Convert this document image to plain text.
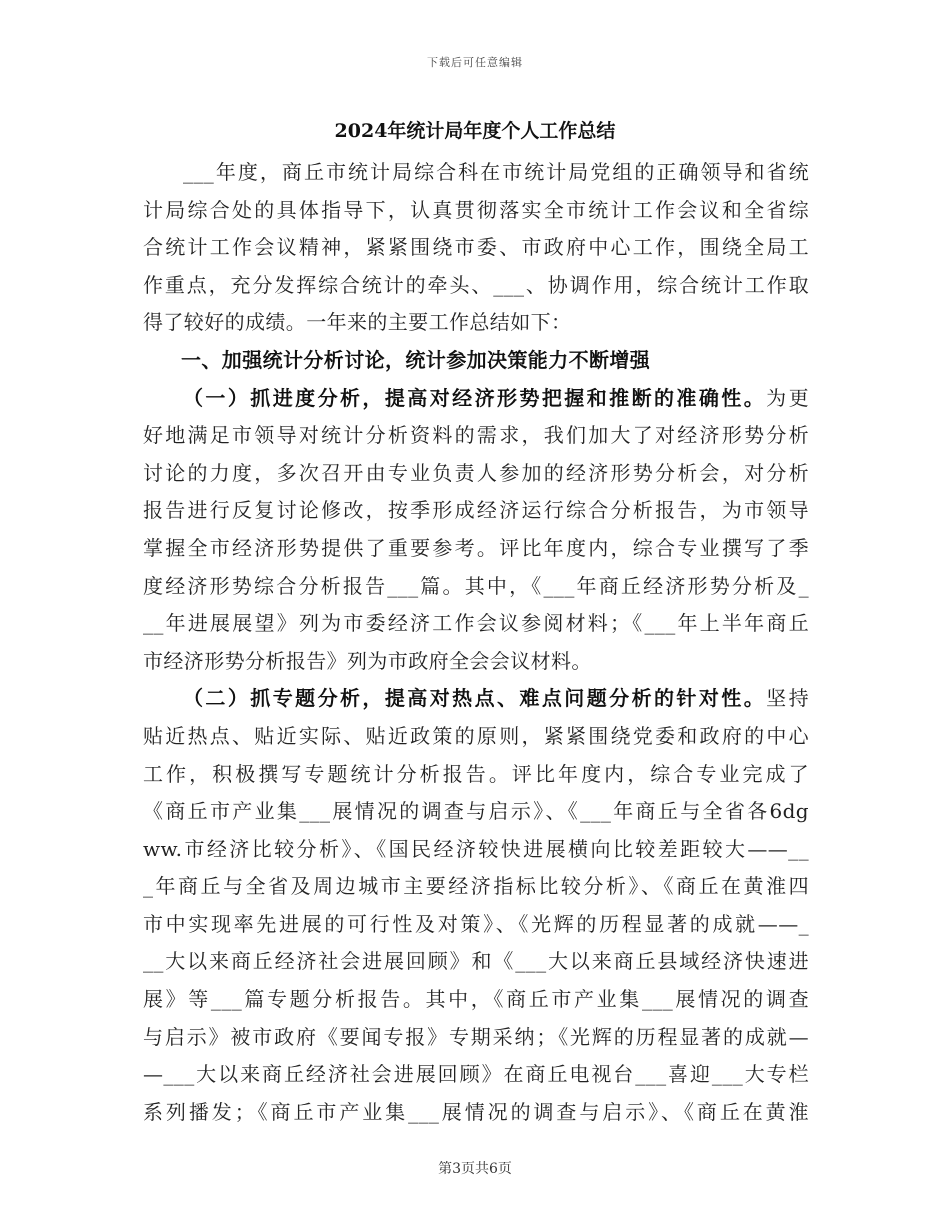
下载后可任意编辑
2024年统计局年度个人工作总结
___年度，商丘市统计局综合科在市统计局党组的正确领导和省统
计局综合处的具体指导下，认真贯彻落实全市统计工作会议和全省综
合统计工作会议精神，紧紧围绕市委、市政府中心工作，围绕全局工
作重点，充分发挥综合统计的牵头、___、协调作用，综合统计工作取
得了较好的成绩。一年来的主要工作总结如下：
一、加强统计分析讨论，统计参加决策能力不断增强
（一）抓进度分析，提高对经济形势把握和推断的准确性。为更
好地满足市领导对统计分析资料的需求，我们加大了对经济形势分析
讨论的力度，多次召开由专业负责人参加的经济形势分析会，对分析
报告进行反复讨论修改，按季形成经济运行综合分析报告，为市领导
掌握全市经济形势提供了重要参考。评比年度内，综合专业撰写了季
度经济形势综合分析报告___篇。其中，《___年商丘经济形势分析及_
__年进展展望》列为市委经济工作会议参阅材料；《___年上半年商丘
市经济形势分析报告》列为市政府全会会议材料。
（二）抓专题分析，提高对热点、难点问题分析的针对性。坚持
贴近热点、贴近实际、贴近政策的原则，紧紧围绕党委和政府的中心
工作，积极撰写专题统计分析报告。评比年度内，综合专业完成了
《商丘市产业集___展情况的调查与启示》、《___年商丘与全省各6dg
ww.市经济比较分析》、《国民经济较快进展横向比较差距较大——__
_年商丘与全省及周边城市主要经济指标比较分析》、《商丘在黄淮四
市中实现率先进展的可行性及对策》、《光辉的历程显著的成就——_
__大以来商丘经济社会进展回顾》和《___大以来商丘县域经济快速进
展》等___篇专题分析报告。其中，《商丘市产业集___展情况的调查
与启示》被市政府《要闻专报》专期采纳；《光辉的历程显著的成就—
—___大以来商丘经济社会进展回顾》在商丘电视台___喜迎___大专栏
系列播发；《商丘市产业集___展情况的调查与启示》、《商丘在黄淮
第3页共6页
